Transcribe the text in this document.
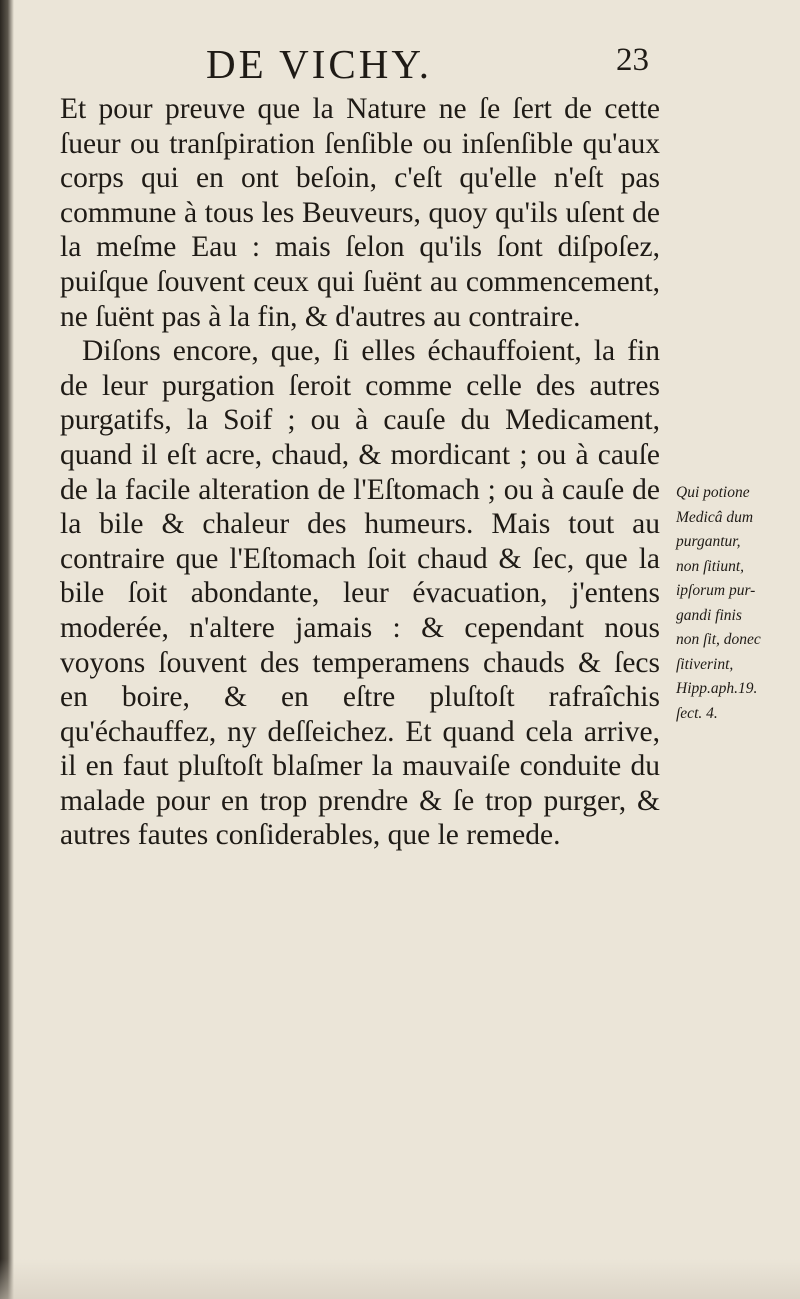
DE VICHY.	23

Et pour preuve que la Nature ne ſe ſert de cette ſueur ou tranſpiration ſenſible ou inſenſible qu'aux corps qui en ont beſoin, c'eſt qu'elle n'eſt pas commune à tous les Beuveurs, quoy qu'ils uſent de la meſme Eau : mais ſelon qu'ils ſont diſpoſez, puiſque ſouvent ceux qui ſuënt au commencement, ne ſuënt pas à la fin, & d'autres au contraire.

Diſons encore, que, ſi elles échauffoient, la fin de leur purgation ſeroit comme celle des autres purgatifs, la Soif ; ou à cauſe du Medicament, quand il eſt acre, chaud, & mordicant ; ou à cauſe de la facile alteration de l'Eſtomach ; ou à cauſe de la bile & chaleur des humeurs. Mais tout au contraire que l'Eſtomach ſoit chaud & ſec, que la bile ſoit abondante, leur évacuation, j'entens moderée, n'altere jamais : & cependant nous voyons ſouvent des temperamens chauds & ſecs en boire, & en eſtre pluſtoſt rafraîchis qu'échauffez, ny deſſeichez. Et quand cela arrive, il en faut pluſtoſt blaſmer la mauvaiſe conduite du malade pour en trop prendre & ſe trop purger, & autres fautes conſiderables, que le remede.

Qui potione
Medicâ dum
purgantur,
non ſitiunt,
ipſorum pur-
gandi finis
non ſit, donec
ſitiverint,
Hipp.aph.19.
ſect. 4.
